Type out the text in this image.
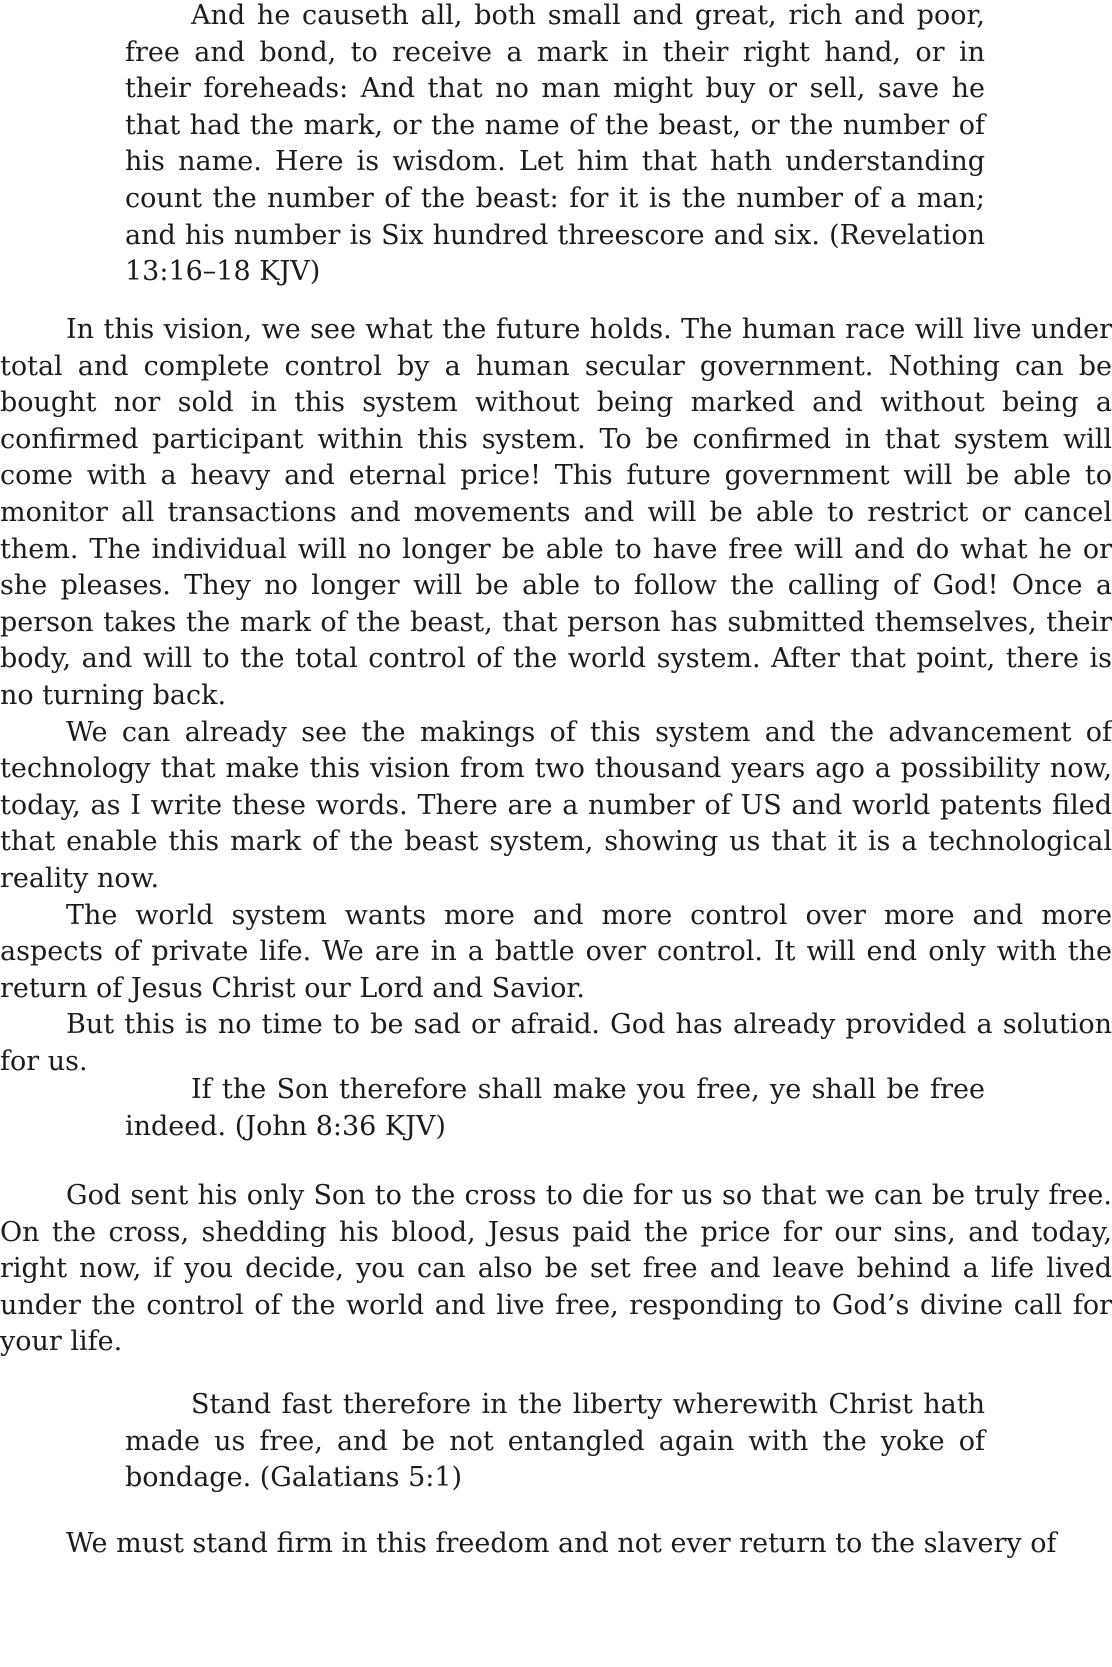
And he causeth all, both small and great, rich and poor, free and bond, to receive a mark in their right hand, or in their foreheads: And that no man might buy or sell, save he that had the mark, or the name of the beast, or the number of his name. Here is wisdom. Let him that hath understanding count the number of the beast: for it is the number of a man; and his number is Six hundred threescore and six. (Revelation 13:16–18 KJV)

In this vision, we see what the future holds. The human race will live under total and complete control by a human secular government. Nothing can be bought nor sold in this system without being marked and without being a confirmed participant within this system. To be confirmed in that system will come with a heavy and eternal price! This future government will be able to monitor all transactions and movements and will be able to restrict or cancel them. The individual will no longer be able to have free will and do what he or she pleases. They no longer will be able to follow the calling of God! Once a person takes the mark of the beast, that person has submitted themselves, their body, and will to the total control of the world system. After that point, there is no turning back.

We can already see the makings of this system and the advancement of technology that make this vision from two thousand years ago a possibility now, today, as I write these words. There are a number of US and world patents filed that enable this mark of the beast system, showing us that it is a technological reality now.

The world system wants more and more control over more and more aspects of private life. We are in a battle over control. It will end only with the return of Jesus Christ our Lord and Savior.

But this is no time to be sad or afraid. God has already provided a solution for us.

If the Son therefore shall make you free, ye shall be free indeed. (John 8:36 KJV)

God sent his only Son to the cross to die for us so that we can be truly free. On the cross, shedding his blood, Jesus paid the price for our sins, and today, right now, if you decide, you can also be set free and leave behind a life lived under the control of the world and live free, responding to God’s divine call for your life.

Stand fast therefore in the liberty wherewith Christ hath made us free, and be not entangled again with the yoke of bondage. (Galatians 5:1)

We must stand firm in this freedom and not ever return to the slavery of
